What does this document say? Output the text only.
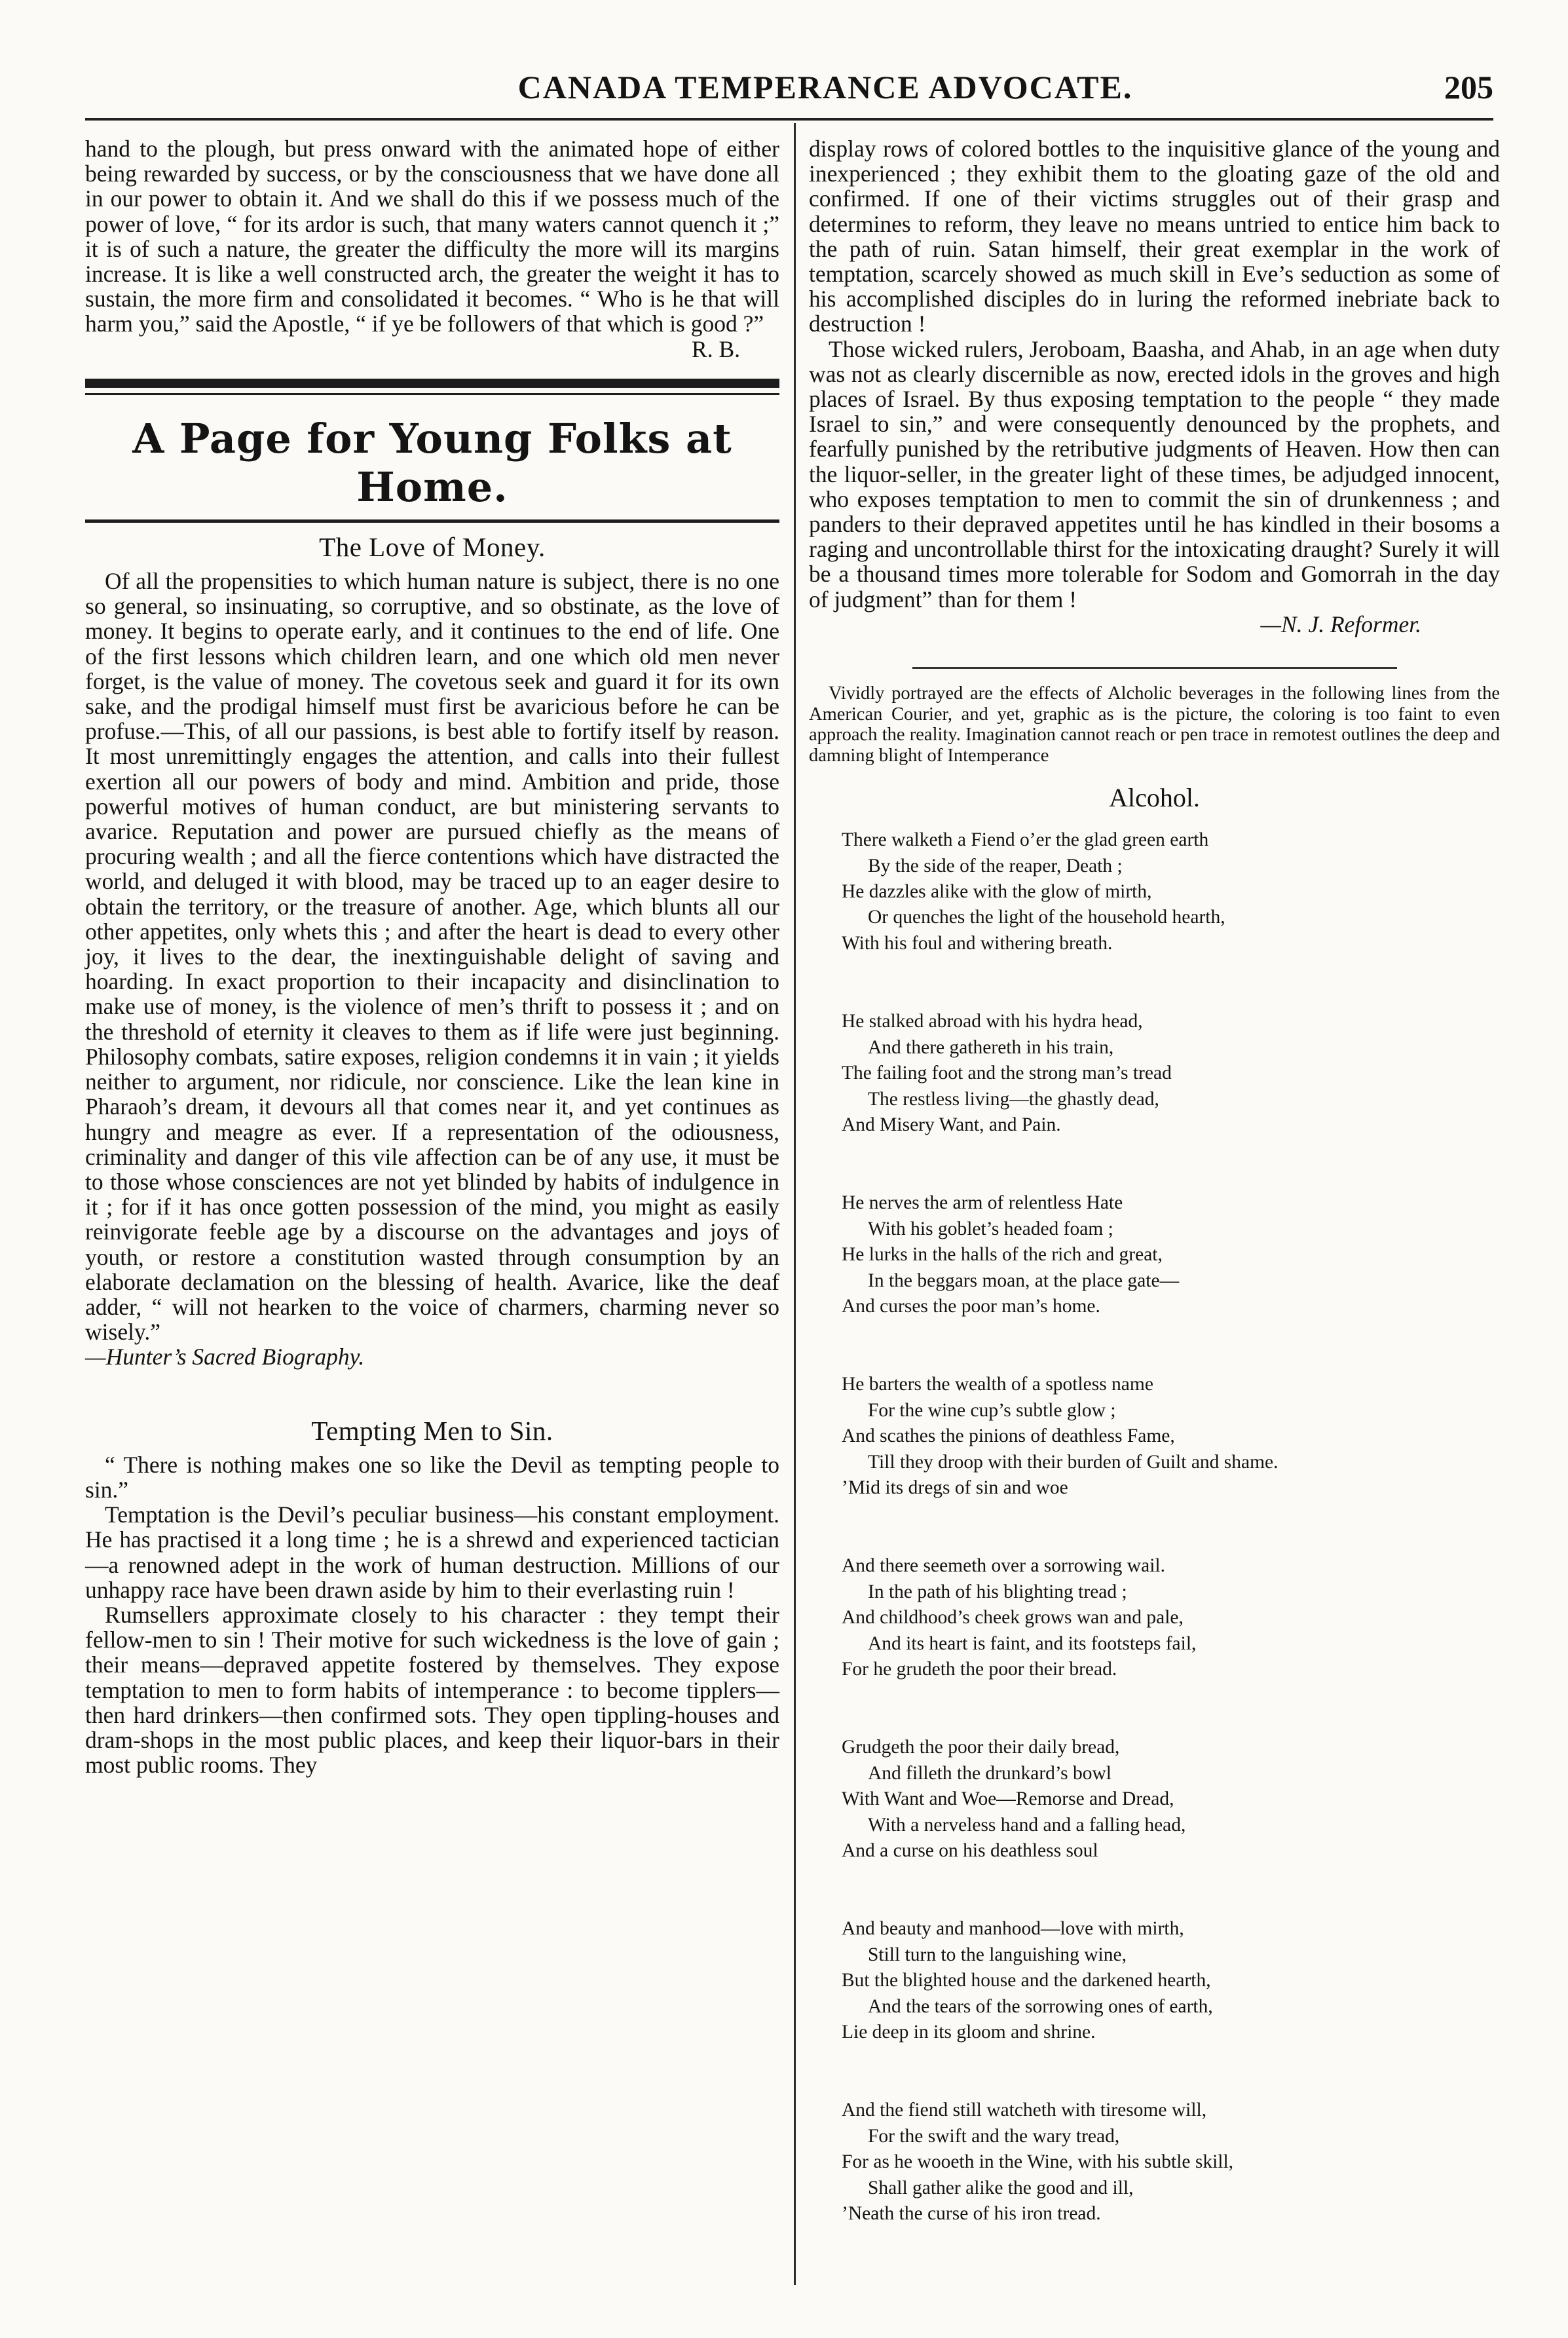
CANADA TEMPERANCE ADVOCATE.	205

hand to the plough, but press onward with the animated hope of either being rewarded by success, or by the consciousness that we have done all in our power to obtain it. And we shall do this if we possess much of the power of love, “ for its ardor is such, that many waters cannot quench it ;” it is of such a nature, the greater the difficulty the more will its margins increase. It is like a well constructed arch, the greater the weight it has to sustain, the more firm and consolidated it becomes. “ Who is he that will harm you,” said the Apostle, “ if ye be followers of that which is good ?”

R. B.
A Page for Young Folks at Home.
The Love of Money.

Of all the propensities to which human nature is subject, there is no one so general, so insinuating, so corruptive, and so obstinate, as the love of money. It begins to operate early, and it continues to the end of life. One of the first lessons which children learn, and one which old men never forget, is the value of money. The covetous seek and guard it for its own sake, and the prodigal himself must first be avaricious before he can be profuse.—This, of all our passions, is best able to fortify itself by reason. It most unremittingly engages the attention, and calls into their fullest exertion all our powers of body and mind. Ambition and pride, those powerful motives of human conduct, are but ministering servants to avarice. Reputation and power are pursued chiefly as the means of procuring wealth ; and all the fierce contentions which have distracted the world, and deluged it with blood, may be traced up to an eager desire to obtain the territory, or the treasure of another. Age, which blunts all our other appetites, only whets this ; and after the heart is dead to every other joy, it lives to the dear, the inextinguishable delight of saving and hoarding. In exact proportion to their incapacity and disinclination to make use of money, is the violence of men’s thrift to possess it ; and on the threshold of eternity it cleaves to them as if life were just beginning. Philosophy combats, satire exposes, religion condemns it in vain ; it yields neither to argument, nor ridicule, nor conscience. Like the lean kine in Pharaoh’s dream, it devours all that comes near it, and yet continues as hungry and meagre as ever. If a representation of the odiousness, criminality and danger of this vile affection can be of any use, it must be to those whose consciences are not yet blinded by habits of indulgence in it ; for if it has once gotten possession of the mind, you might as easily reinvigorate feeble age by a discourse on the advantages and joys of youth, or restore a constitution wasted through consumption by an elaborate declamation on the blessing of health. Avarice, like the deaf adder, “ will not hearken to the voice of charmers, charming never so wisely.”

—Hunter’s Sacred Biography.

Tempting Men to Sin.

“ There is nothing makes one so like the Devil as tempting people to sin.”

Temptation is the Devil’s peculiar business—his constant employment. He has practised it a long time ; he is a shrewd and experienced tactician—a renowned adept in the work of human destruction. Millions of our unhappy race have been drawn aside by him to their everlasting ruin !

Rumsellers approximate closely to his character : they tempt their fellow-men to sin ! Their motive for such wickedness is the love of gain ; their means—depraved appetite fostered by themselves. They expose temptation to men to form habits of intemperance : to become tipplers—then hard drinkers—then confirmed sots. They open tippling-houses and dram-shops in the most public places, and keep their liquor-bars in their most public rooms. They

display rows of colored bottles to the inquisitive glance of the young and inexperienced ; they exhibit them to the gloating gaze of the old and confirmed. If one of their victims struggles out of their grasp and determines to reform, they leave no means untried to entice him back to the path of ruin. Satan himself, their great exemplar in the work of temptation, scarcely showed as much skill in Eve’s seduction as some of his accomplished disciples do in luring the reformed inebriate back to destruction !

Those wicked rulers, Jeroboam, Baasha, and Ahab, in an age when duty was not as clearly discernible as now, erected idols in the groves and high places of Israel. By thus exposing temptation to the people “ they made Israel to sin,” and were consequently denounced by the prophets, and fearfully punished by the retributive judgments of Heaven. How then can the liquor-seller, in the greater light of these times, be adjudged innocent, who exposes temptation to men to commit the sin of drunkenness ; and panders to their depraved appetites until he has kindled in their bosoms a raging and uncontrollable thirst for the intoxicating draught? Surely it will be a thousand times more tolerable for Sodom and Gomorrah in the day of judgment” than for them !

—N. J. Reformer.

Vividly portrayed are the effects of Alcholic beverages in the following lines from the American Courier, and yet, graphic as is the picture, the coloring is too faint to even approach the reality. Imagination cannot reach or pen trace in remotest outlines the deep and damning blight of Intemperance

Alcohol.
There walketh a Fiend o’er the glad green earth
By the side of the reaper, Death ;
He dazzles alike with the glow of mirth,
Or quenches the light of the household hearth,
With his foul and withering breath.
He stalked abroad with his hydra head,
And there gathereth in his train,
The failing foot and the strong man’s tread
The restless living—the ghastly dead,
And Misery Want, and Pain.
He nerves the arm of relentless Hate
With his goblet’s headed foam ;
He lurks in the halls of the rich and great,
In the beggars moan, at the place gate—
And curses the poor man’s home.
He barters the wealth of a spotless name
For the wine cup’s subtle glow ;
And scathes the pinions of deathless Fame,
Till they droop with their burden of Guilt and shame.
’Mid its dregs of sin and woe
And there seemeth over a sorrowing wail.
In the path of his blighting tread ;
And childhood’s cheek grows wan and pale,
And its heart is faint, and its footsteps fail,
For he grudeth the poor their bread.
Grudgeth the poor their daily bread,
And filleth the drunkard’s bowl
With Want and Woe—Remorse and Dread,
With a nerveless hand and a falling head,
And a curse on his deathless soul
And beauty and manhood—love with mirth,
Still turn to the languishing wine,
But the blighted house and the darkened hearth,
And the tears of the sorrowing ones of earth,
Lie deep in its gloom and shrine.
And the fiend still watcheth with tiresome will,
For the swift and the wary tread,
For as he wooeth in the Wine, with his subtle skill,
Shall gather alike the good and ill,
’Neath the curse of his iron tread.
